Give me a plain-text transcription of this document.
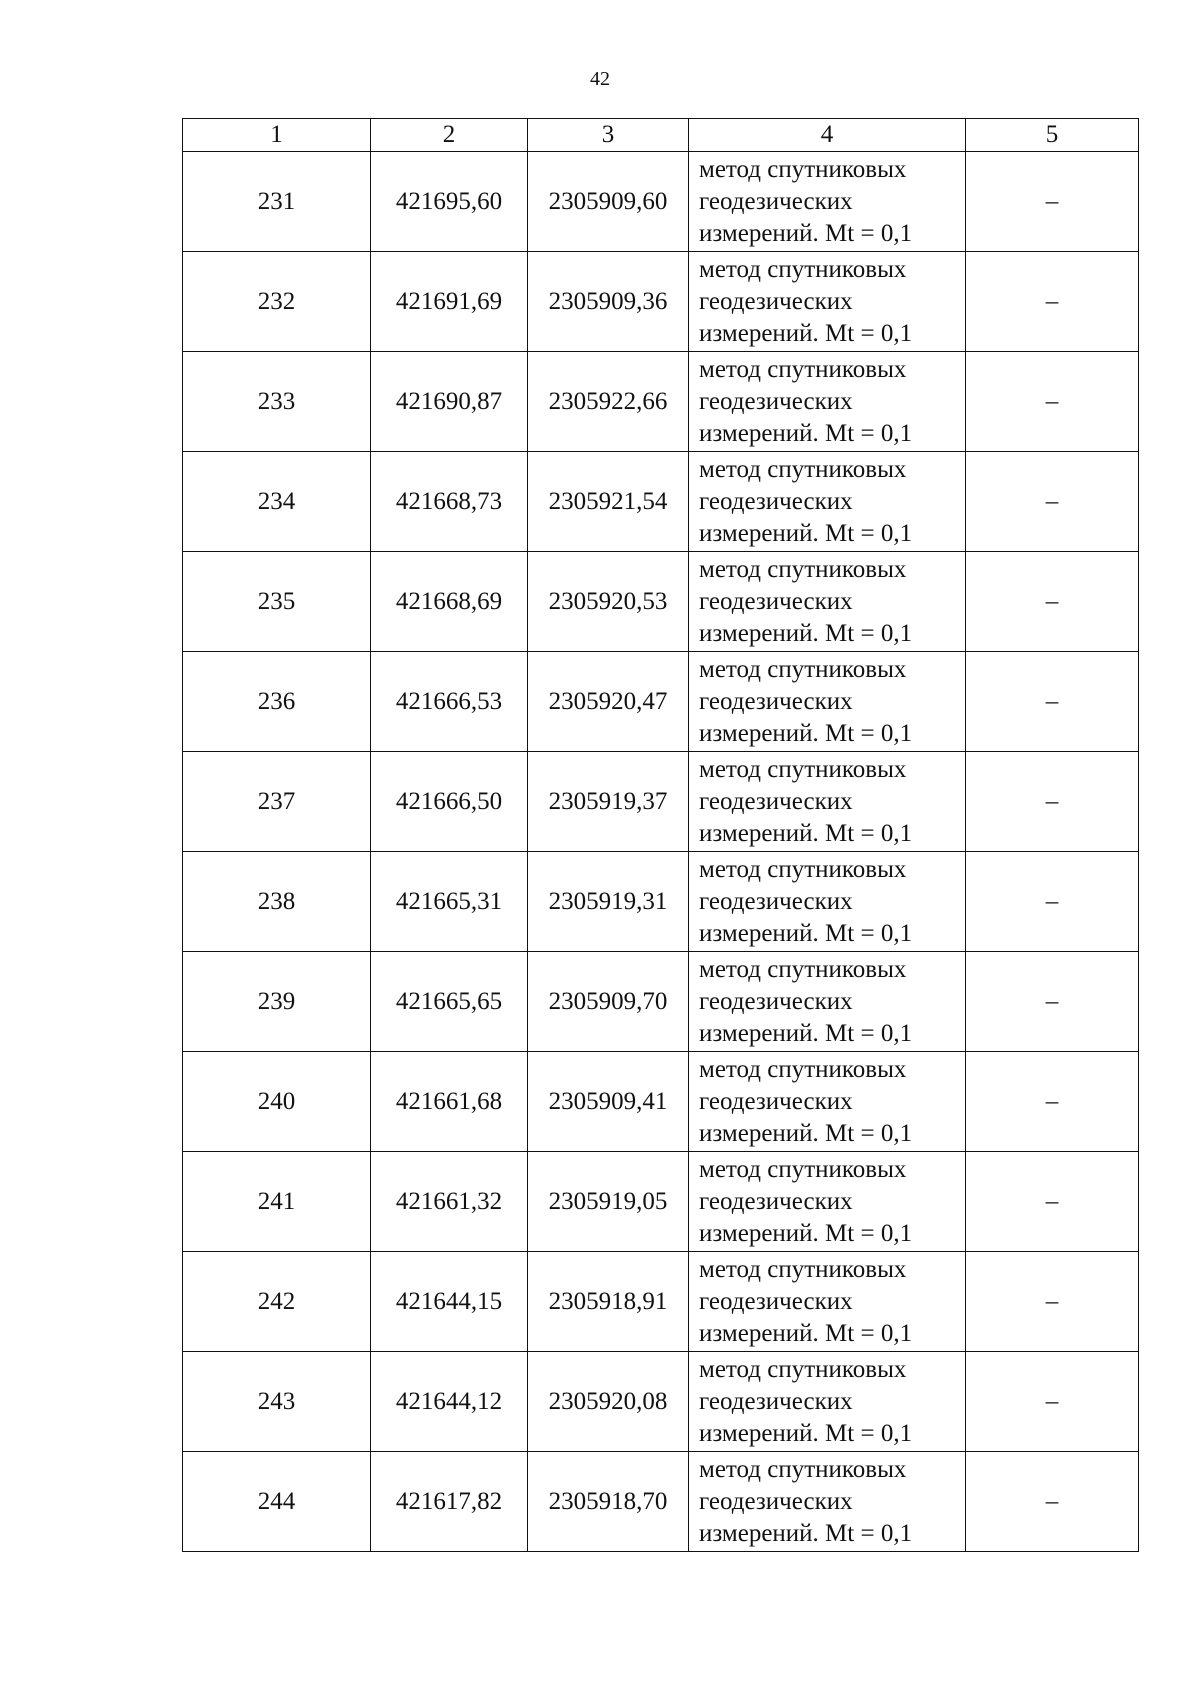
42
1	2	3	4	5
231	421695,60	2305909,60	метод спутниковых
геодезических
измерений. Mt = 0,1	–
232	421691,69	2305909,36	метод спутниковых
геодезических
измерений. Mt = 0,1	–
233	421690,87	2305922,66	метод спутниковых
геодезических
измерений. Mt = 0,1	–
234	421668,73	2305921,54	метод спутниковых
геодезических
измерений. Mt = 0,1	–
235	421668,69	2305920,53	метод спутниковых
геодезических
измерений. Mt = 0,1	–
236	421666,53	2305920,47	метод спутниковых
геодезических
измерений. Mt = 0,1	–
237	421666,50	2305919,37	метод спутниковых
геодезических
измерений. Mt = 0,1	–
238	421665,31	2305919,31	метод спутниковых
геодезических
измерений. Mt = 0,1	–
239	421665,65	2305909,70	метод спутниковых
геодезических
измерений. Mt = 0,1	–
240	421661,68	2305909,41	метод спутниковых
геодезических
измерений. Mt = 0,1	–
241	421661,32	2305919,05	метод спутниковых
геодезических
измерений. Mt = 0,1	–
242	421644,15	2305918,91	метод спутниковых
геодезических
измерений. Mt = 0,1	–
243	421644,12	2305920,08	метод спутниковых
геодезических
измерений. Mt = 0,1	–
244	421617,82	2305918,70	метод спутниковых
геодезических
измерений. Mt = 0,1	–
